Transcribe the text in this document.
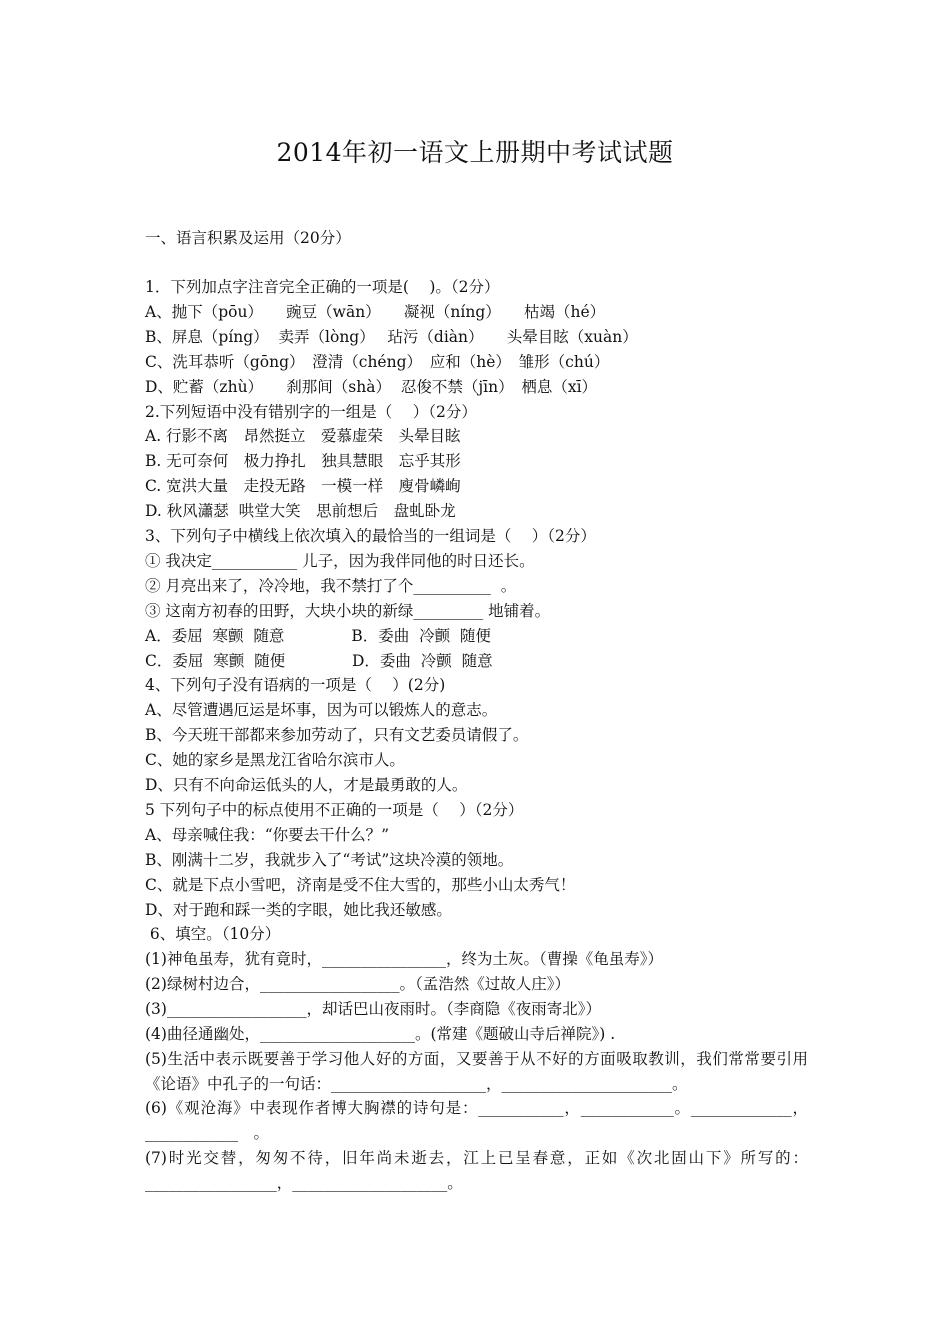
2014年初一语文上册期中考试试题
一、语言积累及运用（20分）
1．下列加点字注音完全正确的一项是(　 )。（2分）
A、抛下（pōu）　　豌豆（wān）　　凝视（níng）　　枯竭（hé）
B、屏息（píng）  卖弄（lòng）　 玷污（diàn）　　头晕目眩（xuàn）
C、洗耳恭听（gōng）　澄清（chéng）　应和（hè）　雏形（chú）
D、贮蓄（zhù）　　刹那间（shà）  忍俊不禁（jīn）　栖息（xī）
2.下列短语中没有错别字的一组是（　 ）（2分）
A. 行影不离　昂然挺立　爱慕虚荣　头晕目眩
B. 无可奈何　极力挣扎　独具慧眼　忘乎其形
C. 宽洪大量　走投无路　一模一样　廋骨嶙峋
D. 秋风瀟瑟  哄堂大笑　思前想后　盘虬卧龙
3、下列句子中横线上依次填入的最恰当的一组词是（　 ）（2分）
① 我决定___________ 儿子，因为我伴同他的时日还长。
② 月亮出来了，冷冷地，我不禁打了个__________  。
③ 这南方初春的田野，大块小块的新绿_________ 地铺着。
A．委屈  寒颤  随意　　　　 B．委曲  冷颤  随便
C．委屈  寒颤  随便　　　　 D．委曲  冷颤  随意
4、下列句子没有语病的一项是（　 ）(2分)
A、尽管遭遇厄运是坏事，因为可以锻炼人的意志。
B、今天班干部都来参加劳动了，只有文艺委员请假了。
C、她的家乡是黑龙江省哈尔滨市人。
D、只有不向命运低头的人，才是最勇敢的人。
5 下列句子中的标点使用不正确的一项是（　 ）（2分）
A、母亲喊住我：“你要去干什么？”
B、刚满十二岁，我就步入了“考试”这块冷漠的领地。
C、就是下点小雪吧，济南是受不住大雪的，那些小山太秀气！
D、对于跑和踩一类的字眼，她比我还敏感。
6、填空。（10分）
(1)神龟虽寿，犹有竟时，________________，终为土灰。（曹操《龟虽寿》）
(2)绿树村边合，__________________。（孟浩然《过故人庄》）
(3)__________________，却话巴山夜雨时。（李商隐《夜雨寄北》）
(4)曲径通幽处，____________________。(常建《题破山寺后禅院》) .
(5)生活中表示既要善于学习他人好的方面，又要善于从不好的方面吸取教训，我们常常要引用《论语》中孔子的一句话：____________________，______________________。
(6)《观沧海》中表现作者博大胸襟的诗句是：___________，____________。_____________，____________　。
(7)时光交替，匆匆不待，旧年尚未逝去，江上已呈春意，正如《次北固山下》所写的：_________________，____________________。
